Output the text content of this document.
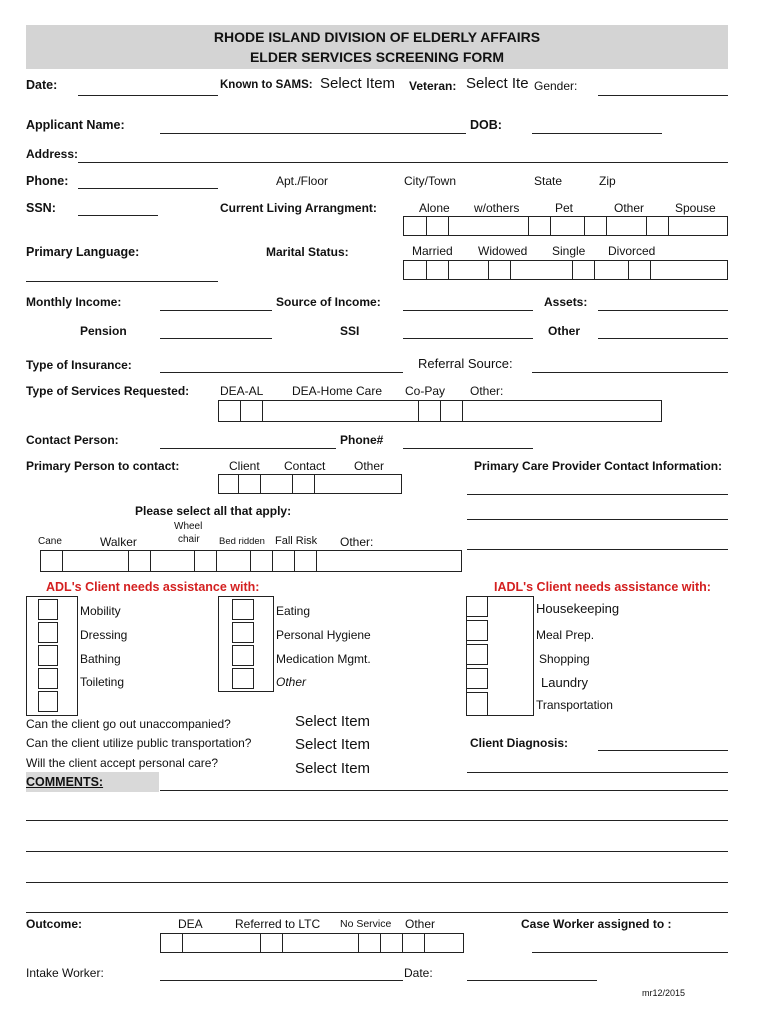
RHODE ISLAND DIVISION OF ELDERLY AFFAIRS
ELDER SERVICES SCREENING FORM
Date:	Known to SAMS: Select Item Veteran: Select Ite Gender:
Applicant Name:	DOB:
Address:
Phone:	Apt./Floor	City/Town	State	Zip
SSN:	Current Living Arrangment:	Alone w/others	Pet	Other	Spouse
Primary Language:	Marital Status:	Married Widowed Single Divorced
Monthly Income:	Source of Income:	Assets:
Pension	SSI	Other
Type of Insurance:	Referral Source:
Type of Services Requested:	DEA-AL DEA-Home Care Co-Pay Other:
Contact Person:	Phone#
Primary Person to contact:	Client Contact Other	Primary Care Provider Contact Information:
Please select all that apply:
Wheel
chair
Cane	Walker	Bed ridden Fall Risk Other:
ADL's Client needs assistance with:	IADL's Client needs assistance with:
Mobility
Dressing
Bathing
Toileting
Eating
Personal Hygiene
Medication Mgmt.
Other
Housekeeping
Meal Prep.
Shopping
Laundry
Transportation
Can the client go out unaccompanied?	Select Item
Can the client utilize public transportation?	Select Item
Will the client accept personal care?	Select Item
Client Diagnosis:
COMMENTS:
Outcome:	DEA	Referred to LTC No Service Other	Case Worker assigned to :
Intake Worker:	Date:
mr12/2015
